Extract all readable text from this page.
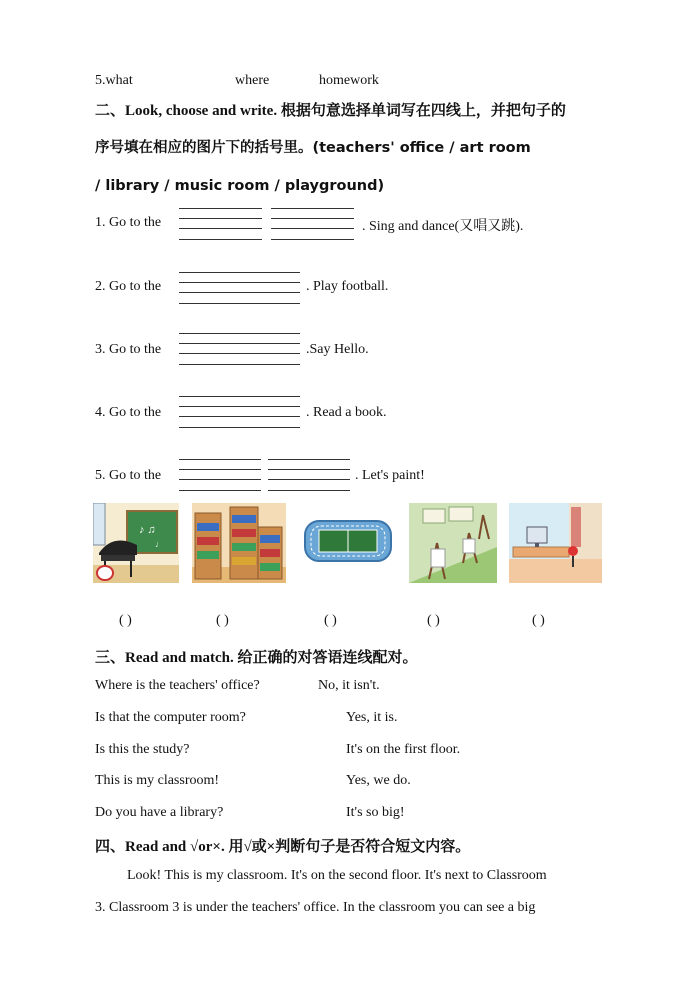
5.what	where	homework
二、Look, choose and write. 根据句意选择单词写在四线上，并把句子的
序号填在相应的图片下的括号里。(teachers' office / art room
/ library / music room / playground)
1. Go to the	. Sing and dance(又唱又跳).
2. Go to the	. Play football.
3. Go to the	.Say Hello.
4. Go to the	. Read a book.
5. Go to the	. Let's paint!
♪ ♫
♩
( )	( )	( )	( )	( )
三、Read and match. 给正确的对答语连线配对。
Where is the teachers' office?	No, it isn't.
Is that the computer room?	Yes, it is.
Is this the study?	It's on the first floor.
This is my classroom!	Yes, we do.
Do you have a library?	It's so big!
四、Read and √or×. 用√或×判断句子是否符合短文内容。
Look! This is my classroom. It's on the second floor. It's next to Classroom
3. Classroom 3 is under the teachers' office. In the classroom you can see a big
